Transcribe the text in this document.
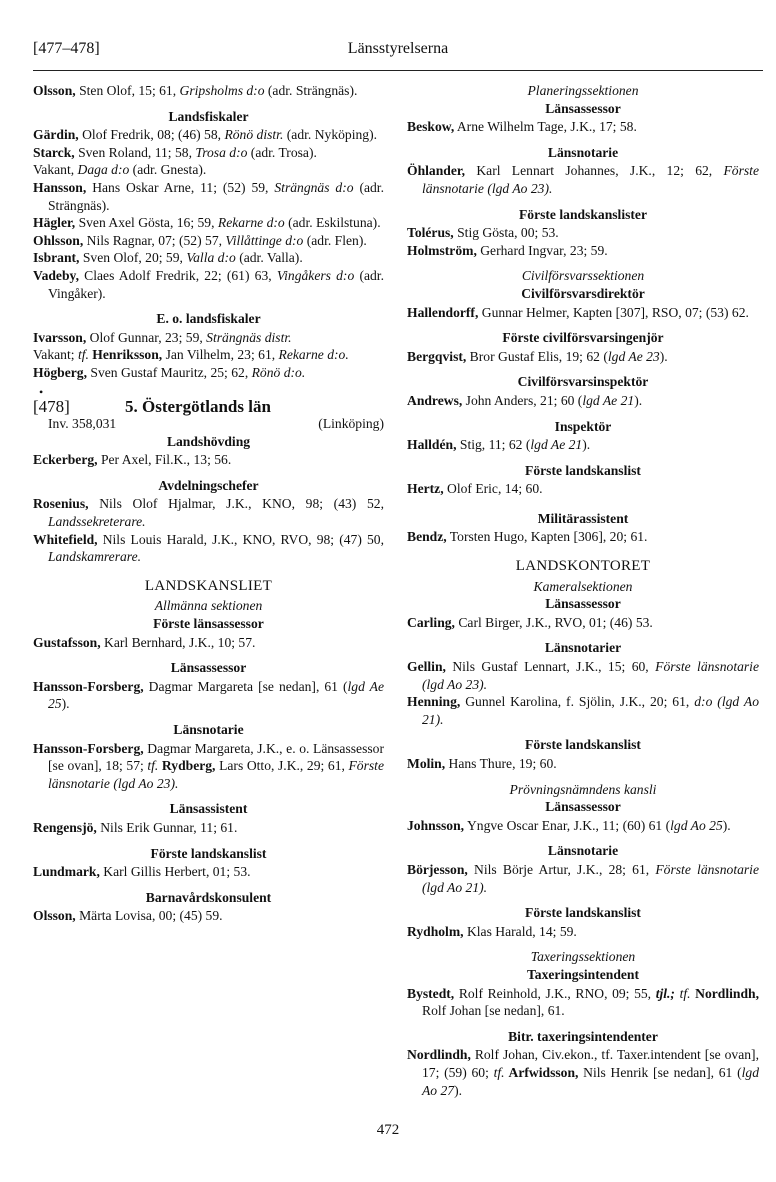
[477–478]	Länsstyrelserna

Olsson, Sten Olof, 15; 61, Gripsholms d:o (adr. Strängnäs).

Landsfiskaler

Gärdin, Olof Fredrik, 08; (46) 58, Rönö distr. (adr. Nyköping).

Starck, Sven Roland, 11; 58, Trosa d:o (adr. Trosa).

Vakant, Daga d:o (adr. Gnesta).

Hansson, Hans Oskar Arne, 11; (52) 59, Strängnäs d:o (adr. Strängnäs).

Hägler, Sven Axel Gösta, 16; 59, Rekarne d:o (adr. Eskilstuna).

Ohlsson, Nils Ragnar, 07; (52) 57, Villåttinge d:o (adr. Flen).

Isbrant, Sven Olof, 20; 59, Valla d:o (adr. Valla).

Vadeby, Claes Adolf Fredrik, 22; (61) 63, Vingåkers d:o (adr. Vingåker).

E. o. landsfiskaler

Ivarsson, Olof Gunnar, 23; 59, Strängnäs distr.

Vakant; tf. Henriksson, Jan Vilhelm, 23; 61, Rekarne d:o.

Högberg, Sven Gustaf Mauritz, 25; 62, Rönö d:o.

•
[478]	5. Östergötlands län
Inv. 358,031	(Linköping)
Landshövding

Eckerberg, Per Axel, Fil.K., 13; 56.

Avdelningschefer

Rosenius, Nils Olof Hjalmar, J.K., KNO, 98; (43) 52, Landssekreterare.

Whitefield, Nils Louis Harald, J.K., KNO, RVO, 98; (47) 50, Landskamrerare.

LANDSKANSLIET
Allmänna sektionen
Förste länsassessor

Gustafsson, Karl Bernhard, J.K., 10; 57.

Länsassessor

Hansson-Forsberg, Dagmar Margareta [se nedan], 61 (lgd Ae 25).

Länsnotarie

Hansson-Forsberg, Dagmar Margareta, J.K., e. o. Länsassessor [se ovan], 18; 57; tf. Rydberg, Lars Otto, J.K., 29; 61, Förste länsnotarie (lgd Ao 23).

Länsassistent

Rengensjö, Nils Erik Gunnar, 11; 61.

Förste landskanslist

Lundmark, Karl Gillis Herbert, 01; 53.

Barnavårdskonsulent

Olsson, Märta Lovisa, 00; (45) 59.

Planeringssektionen
Länsassessor

Beskow, Arne Wilhelm Tage, J.K., 17; 58.

Länsnotarie

Öhlander, Karl Lennart Johannes, J.K., 12; 62, Förste länsnotarie (lgd Ao 23).

Förste landskanslister

Tolérus, Stig Gösta, 00; 53.

Holmström, Gerhard Ingvar, 23; 59.

Civilförsvarssektionen
Civilförsvarsdirektör

Hallendorff, Gunnar Helmer, Kapten [307], RSO, 07; (53) 62.

Förste civilförsvarsingenjör

Bergqvist, Bror Gustaf Elis, 19; 62 (lgd Ae 23).

Civilförsvarsinspektör

Andrews, John Anders, 21; 60 (lgd Ae 21).

Inspektör

Halldén, Stig, 11; 62 (lgd Ae 21).

Förste landskanslist

Hertz, Olof Eric, 14; 60.

Militärassistent

Bendz, Torsten Hugo, Kapten [306], 20; 61.

LANDSKONTORET
Kameralsektionen
Länsassessor

Carling, Carl Birger, J.K., RVO, 01; (46) 53.

Länsnotarier

Gellin, Nils Gustaf Lennart, J.K., 15; 60, Förste länsnotarie (lgd Ao 23).

Henning, Gunnel Karolina, f. Sjölin, J.K., 20; 61, d:o (lgd Ao 21).

Förste landskanslist

Molin, Hans Thure, 19; 60.

Prövningsnämndens kansli
Länsassessor

Johnsson, Yngve Oscar Enar, J.K., 11; (60) 61 (lgd Ao 25).

Länsnotarie

Börjesson, Nils Börje Artur, J.K., 28; 61, Förste länsnotarie (lgd Ao 21).

Förste landskanslist

Rydholm, Klas Harald, 14; 59.

Taxeringssektionen
Taxeringsintendent

Bystedt, Rolf Reinhold, J.K., RNO, 09; 55, tjl.; tf. Nordlindh, Rolf Johan [se nedan], 61.

Bitr. taxeringsintendenter

Nordlindh, Rolf Johan, Civ.ekon., tf. Taxer.intendent [se ovan], 17; (59) 60; tf. Arfwidsson, Nils Henrik [se nedan], 61 (lgd Ao 27).

472
